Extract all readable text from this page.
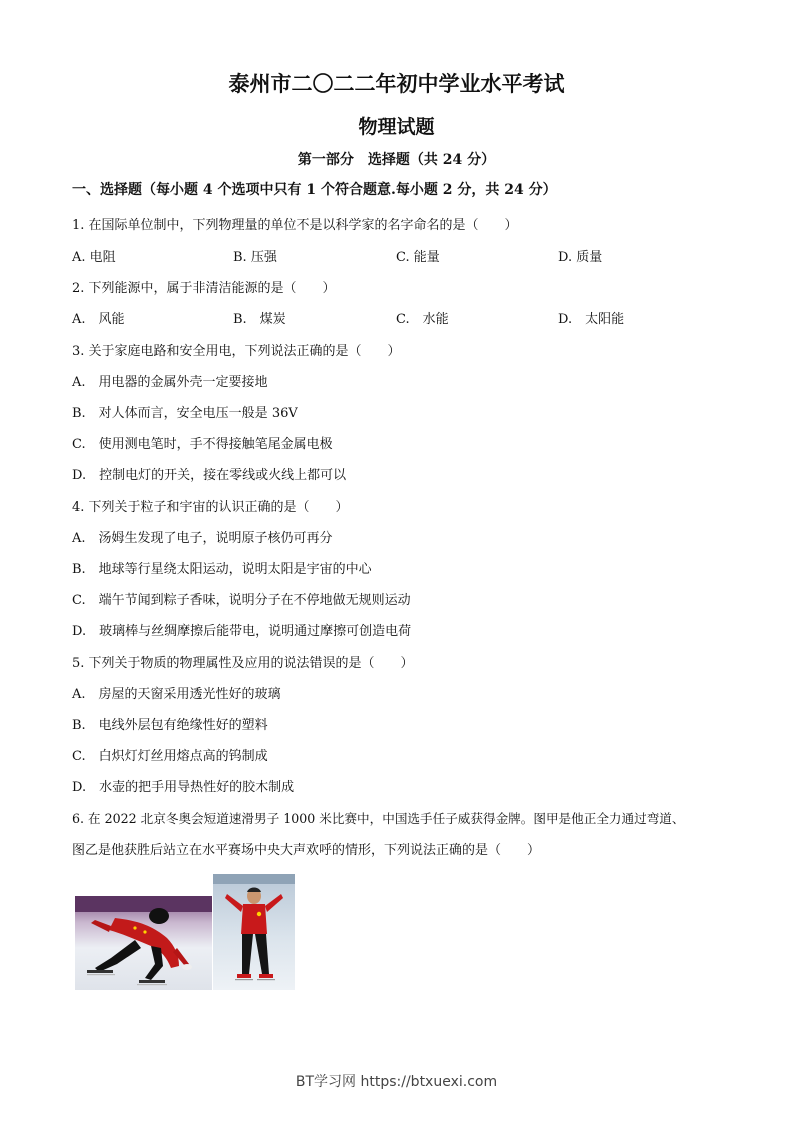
泰州市二〇二二年初中学业水平考试
物理试题
第一部分　选择题（共 24 分）
一、选择题（每小题 4 个选项中只有 1 个符合题意.每小题 2 分，共 24 分）
1. 在国际单位制中，下列物理量的单位不是以科学家的名字命名的是（　　）
A. 电阻	B. 压强	C. 能量	D. 质量
2. 下列能源中，属于非清洁能源的是（　　）
A.　风能	B.　煤炭	C.　水能	D.　太阳能
3. 关于家庭电路和安全用电，下列说法正确的是（　　）
A.　用电器的金属外壳一定要接地
B.　对人体而言，安全电压一般是 36V
C.　使用测电笔时，手不得接触笔尾金属电极
D.　控制电灯的开关，接在零线或火线上都可以
4. 下列关于粒子和宇宙的认识正确的是（　　）
A.　汤姆生发现了电子，说明原子核仍可再分
B.　地球等行星绕太阳运动，说明太阳是宇宙的中心
C.　端午节闻到粽子香味，说明分子在不停地做无规则运动
D.　玻璃棒与丝绸摩擦后能带电，说明通过摩擦可创造电荷
5. 下列关于物质的物理属性及应用的说法错误的是（　　）
A.　房屋的天窗采用透光性好的玻璃
B.　电线外层包有绝缘性好的塑料
C.　白炽灯灯丝用熔点高的钨制成
D.　水壶的把手用导热性好的胶木制成
6. 在 2022 北京冬奥会短道速滑男子 1000 米比赛中，中国选手任子威获得金牌。图甲是他正全力通过弯道、
图乙是他获胜后站立在水平赛场中央大声欢呼的情形，下列说法正确的是（　　）
BT学习网 https://btxuexi.com
